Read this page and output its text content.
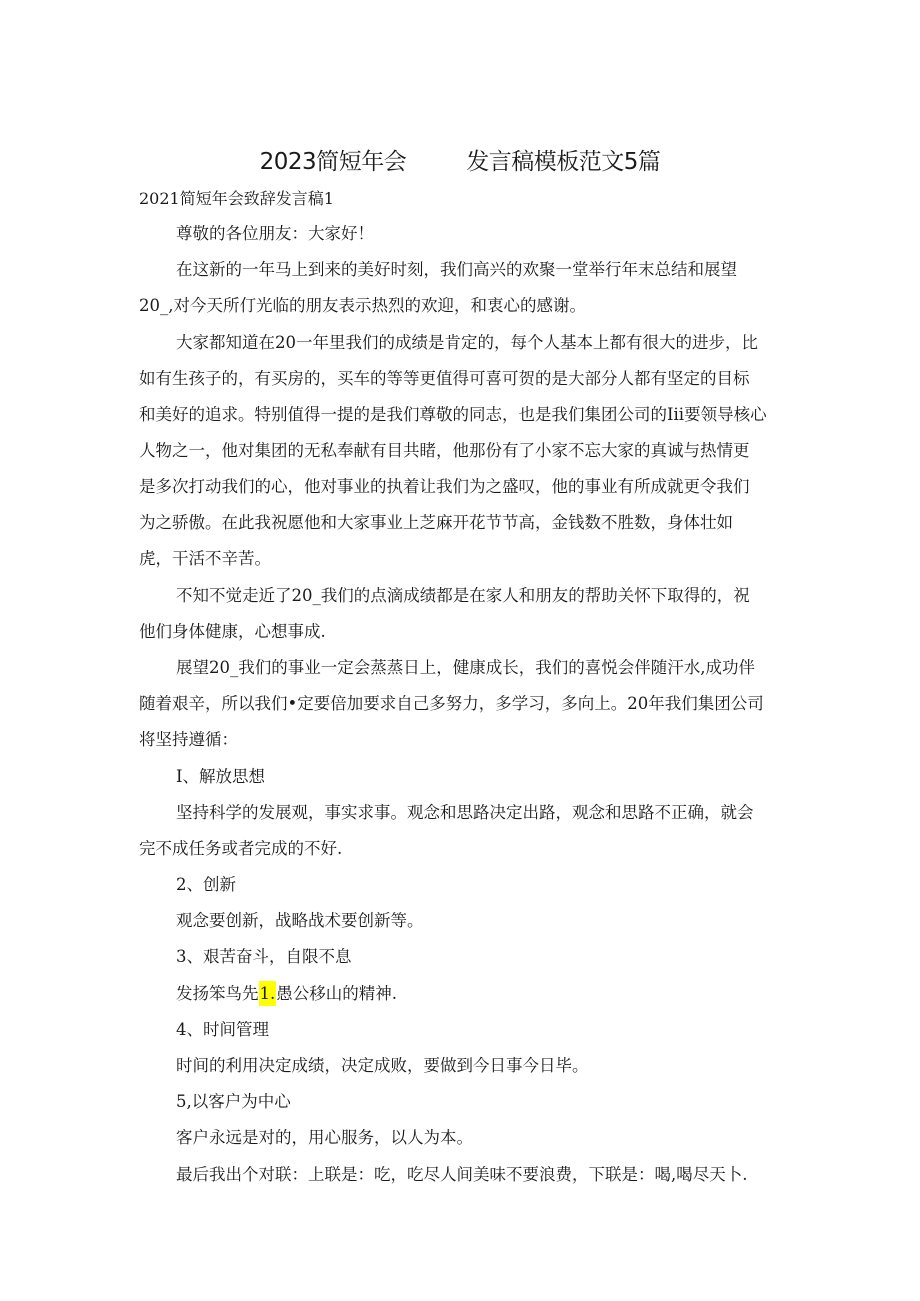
2023简短年会	发言稿模板范文5篇
2021简短年会致辞发言稿1
尊敬的各位朋友：大家好！
在这新的一年马上到来的美好时刻，我们高兴的欢聚一堂举行年末总结和展望
20_,对今天所仃光临的朋友表示热烈的欢迎，和衷心的感谢。
大家都知道在20一年里我们的成绩是肯定的，每个人基本上都有很大的进步，比
如有生孩子的，有买房的，买车的等等更值得可喜可贺的是大部分人都有坚定的目标
和美好的追求。特别值得一提的是我们尊敬的同志，也是我们集团公司的Iii要领导核心
人物之一，他对集团的无私奉献有目共睹，他那份有了小家不忘大家的真诚与热情更
是多次打动我们的心，他对事业的执着让我们为之盛叹，他的事业有所成就更令我们
为之骄傲。在此我祝愿他和大家事业上芝麻开花节节高，金钱数不胜数，身体壮如
虎，干活不辛苦。
不知不觉走近了20_我们的点滴成绩都是在家人和朋友的帮助关怀下取得的，祝
他们身体健康，心想事成.
展望20_我们的事业一定会蒸蒸日上，健康成长，我们的喜悦会伴随汗水,成功伴
随着艰辛，所以我们•定要倍加要求自己多努力，多学习，多向上。20年我们集团公司
将坚持遵循：
I、解放思想
坚持科学的发展观，事实求事。观念和思路决定出路，观念和思路不正确，就会
完不成任务或者完成的不好.
2、创新
观念要创新，战略战术要创新等。
3、艰苦奋斗，自限不息
发扬笨鸟先1.愚公移山的精神.
4、时间管理
时间的利用决定成绩，决定成败，要做到今日事今日毕。
5,以客户为中心
客户永远是对的，用心服务，以人为本。
最后我出个对联：上联是：吃，吃尽人间美味不要浪费，下联是：喝,喝尽天卜.
